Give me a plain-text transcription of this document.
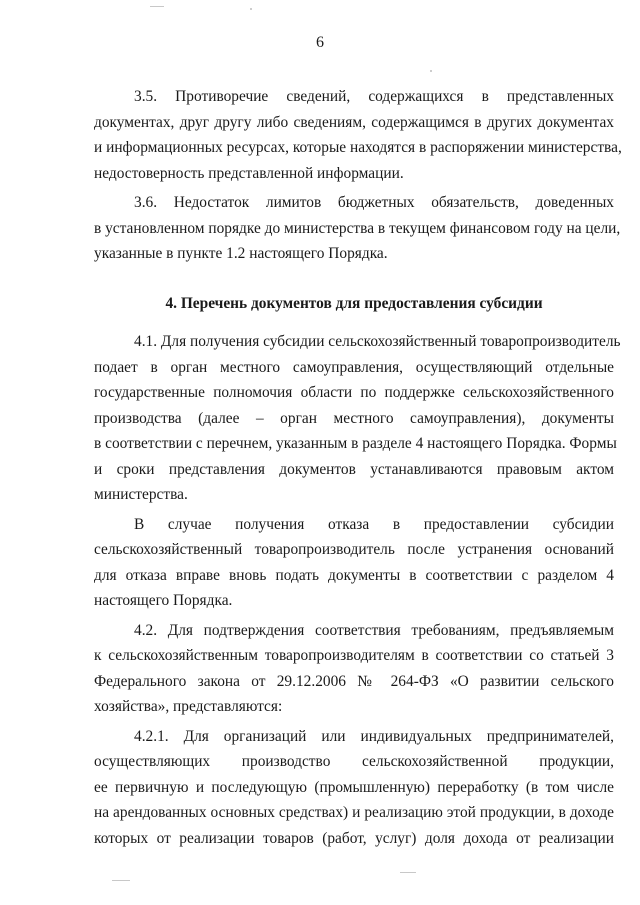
6
3.5. Противоречие сведений, содержащихся в представленных
документах, друг другу либо сведениям, содержащимся в других документах
и информационных ресурсах, которые находятся в распоряжении министерства,
недостоверность представленной информации.
3.6. Недостаток лимитов бюджетных обязательств, доведенных
в установленном порядке до министерства в текущем финансовом году на цели,
указанные в пункте 1.2 настоящего Порядка.

4. Перечень документов для предоставления субсидии

4.1. Для получения субсидии сельскохозяйственный товаропроизводитель
подает в орган местного самоуправления, осуществляющий отдельные
государственные полномочия области по поддержке сельскохозяйственного
производства (далее – орган местного самоуправления), документы
в соответствии с перечнем, указанным в разделе 4 настоящего Порядка. Формы
и сроки представления документов устанавливаются правовым актом
министерства.
В случае получения отказа в предоставлении субсидии
сельскохозяйственный товаропроизводитель после устранения оснований
для отказа вправе вновь подать документы в соответствии с разделом 4
настоящего Порядка.
4.2. Для подтверждения соответствия требованиям, предъявляемым
к сельскохозяйственным товаропроизводителям в соответствии со статьей 3
Федерального закона от 29.12.2006 № 264-ФЗ «О развитии сельского
хозяйства», представляются:
4.2.1. Для организаций или индивидуальных предпринимателей,
осуществляющих производство сельскохозяйственной продукции,
ее первичную и последующую (промышленную) переработку (в том числе
на арендованных основных средствах) и реализацию этой продукции, в доходе
которых от реализации товаров (работ, услуг) доля дохода от реализации
